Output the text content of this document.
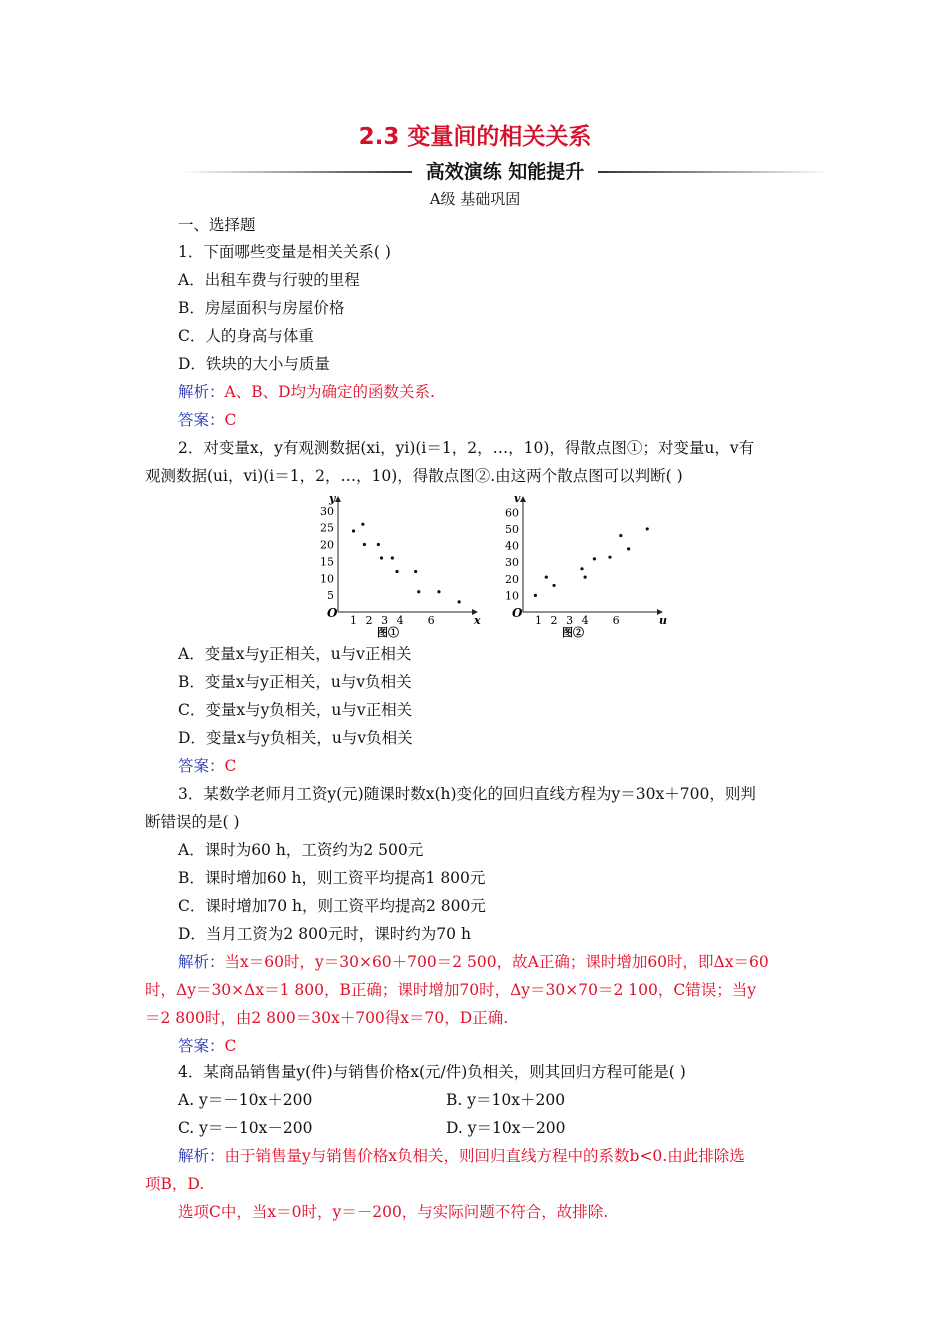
2.3 变量间的相关关系
高效演练 知能提升
A级 基础巩固
一、选择题
1．下面哪些变量是相关关系( )
A．出租车费与行驶的里程
B．房屋面积与房屋价格
C．人的身高与体重
D．铁块的大小与质量
解析：A、B、D均为确定的函数关系.
答案：C
2．对变量x，y有观测数据(xi，yi)(i＝1，2，…，10)，得散点图①；对变量u，v有
观测数据(ui，vi)(i＝1，2，…，10)，得散点图②.由这两个散点图可以判断( )
y
x
O
5
10
15
20
25
30
1 2 3 4 6
图①
v
u
O
10
20
30
40
50
60
1 2 3 4 6
图②
A．变量x与y正相关，u与v正相关
B．变量x与y正相关，u与v负相关
C．变量x与y负相关，u与v正相关
D．变量x与y负相关，u与v负相关
答案：C
3．某数学老师月工资y(元)随课时数x(h)变化的回归直线方程为y＝30x＋700，则判
断错误的是( )
A．课时为60 h，工资约为2 500元
B．课时增加60 h，则工资平均提高1 800元
C．课时增加70 h，则工资平均提高2 800元
D．当月工资为2 800元时，课时约为70 h
解析：当x＝60时，y＝30×60＋700＝2 500，故A正确；课时增加60时，即Δx＝60
时，Δy＝30×Δx＝1 800，B正确；课时增加70时，Δy＝30×70＝2 100，C错误；当y
＝2 800时，由2 800＝30x＋700得x＝70，D正确.
答案：C
4．某商品销售量y(件)与销售价格x(元/件)负相关，则其回归方程可能是( )
A. y＝－10x＋200	B. y＝10x＋200
C. y＝－10x－200	D. y＝10x－200
解析：由于销售量y与销售价格x负相关，则回归直线方程中的系数b<0.由此排除选
项B，D.
选项C中，当x＝0时，y＝－200，与实际问题不符合，故排除.
